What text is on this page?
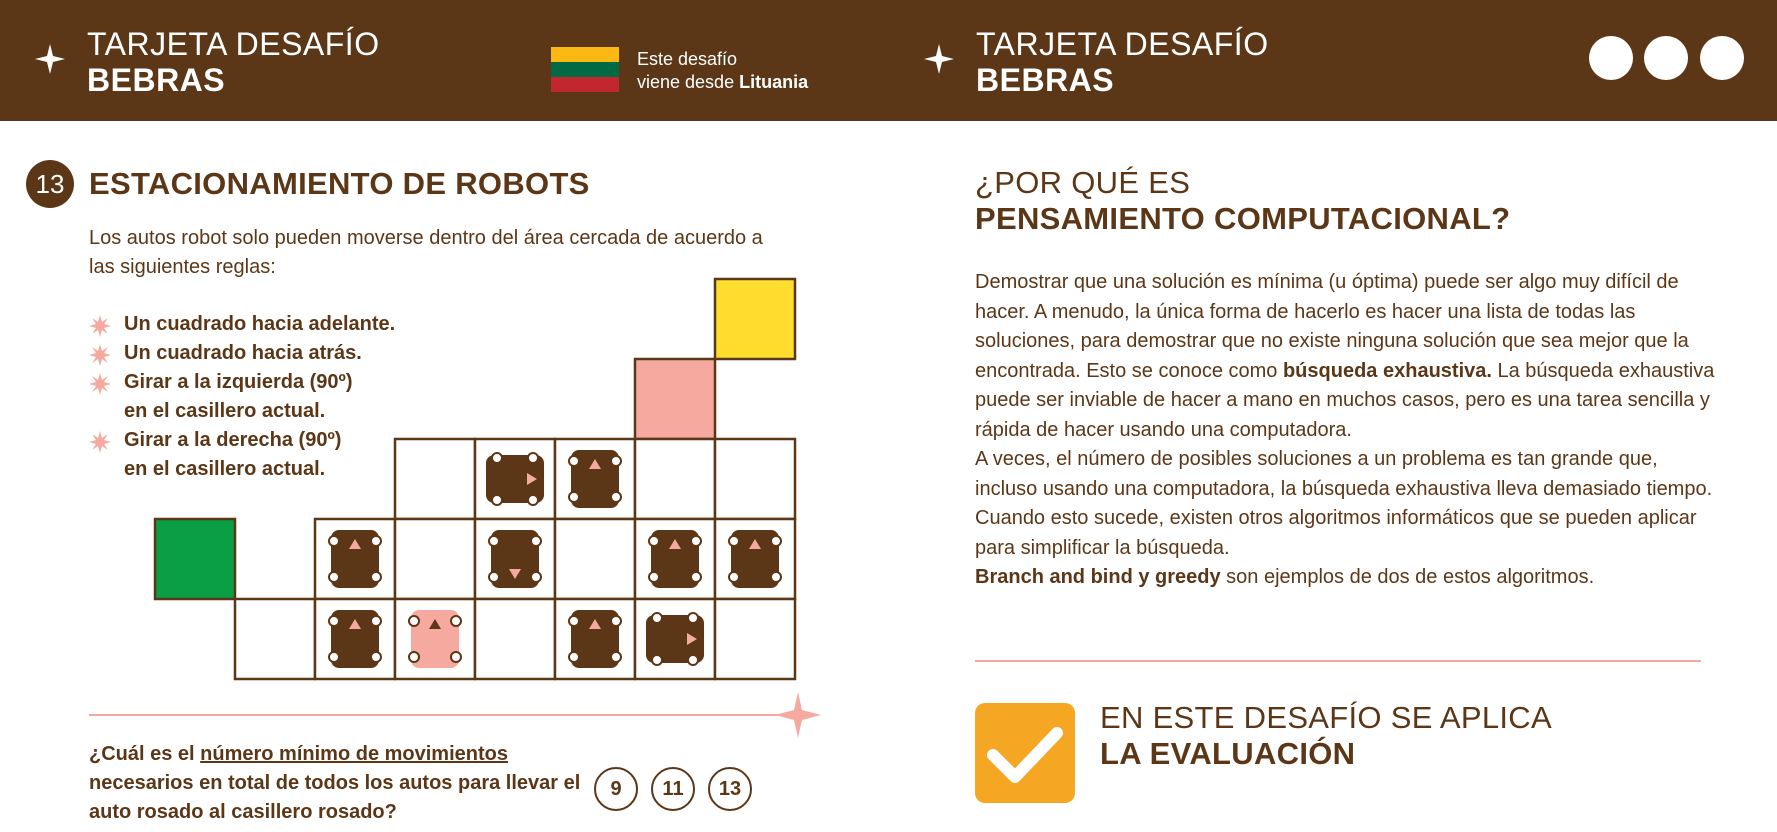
TARJETA DESAFÍO
BEBRAS
Este desafío
viene desde Lituania
TARJETA DESAFÍO
BEBRAS
13 ESTACIONAMIENTO DE ROBOTS
Los autos robot solo pueden moverse dentro del área cercada de acuerdo a las siguientes reglas:
Un cuadrado hacia adelante.
Un cuadrado hacia atrás.
Girar a la izquierda (90º)
en el casillero actual.
Girar a la derecha (90º)
en el casillero actual.
¿Cuál es el número mínimo de movimientos necesarios en total de todos los autos para llevar el auto rosado al casillero rosado?
9	11	13
¿POR QUÉ ES
PENSAMIENTO COMPUTACIONAL?
Demostrar que una solución es mínima (u óptima) puede ser algo muy difícil de hacer. A menudo, la única forma de hacerlo es hacer una lista de todas las soluciones, para demostrar que no existe ninguna solución que sea mejor que la encontrada. Esto se conoce como búsqueda exhaustiva. La búsqueda exhaustiva puede ser inviable de hacer a mano en muchos casos, pero es una tarea sencilla y rápida de hacer usando una computadora.
A veces, el número de posibles soluciones a un problema es tan grande que, incluso usando una computadora, la búsqueda exhaustiva lleva demasiado tiempo. Cuando esto sucede, existen otros algoritmos informáticos que se pueden aplicar para simplificar la búsqueda.
Branch and bind y greedy son ejemplos de dos de estos algoritmos.
EN ESTE DESAFÍO SE APLICA
LA EVALUACIÓN
